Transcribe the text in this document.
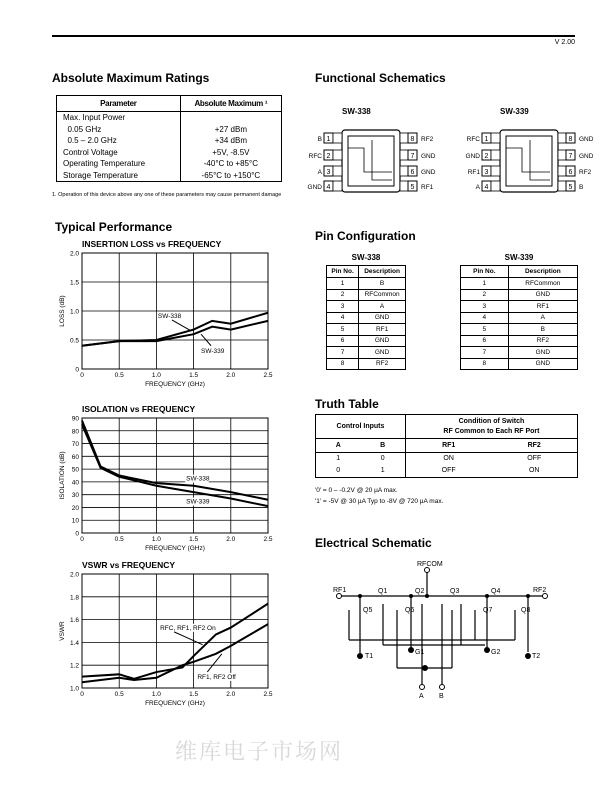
V 2.00
维库电子市场网
Absolute Maximum Ratings
Parameter	Absolute Maximum ¹
Max. Input Power	
0.05 GHz	+27 dBm
0.5 – 2.0 GHz	+34 dBm
Control Voltage	+5V, -8.5V
Operating Temperature	-40°C to +85°C
Storage Temperature	-65°C to +150°C
1. Operation of this device above any one of these parameters may cause permanent damage
Typical Performance
INSERTION LOSS vs FREQUENCY
0
0.5
1.0
1.5
2.0
0	0.5	1.0	1.5	2.0	2.5
FREQUENCY (GHz)
LOSS (dB)	SW-338
SW-339
ISOLATION vs FREQUENCY
0
10
20
30
40
50
60
70
80
90
0	0.5	1.0	1.5	2.0	2.5
FREQUENCY (GHz)
ISOLATION (dB)	SW-338
SW-339
VSWR vs FREQUENCY
1.0
1.2
1.4
1.6
1.8
2.0
0	0.5	1.0	1.5	2.0	2.5
FREQUENCY (GHz)
VSWR	RFC, RF1, RF2 On
RF1, RF2 Off
Functional Schematics
SW-338
1
B
2
RFC
3
A
4
GND
8 RF2
7 GND
6 GND
5 RF1
SW-339
1
RFC
2
GND
3
RF1
4
A
8 GND
7 GND
6 RF2
5 B
Pin Configuration
SW-338
Pin No.	Description
1	B
2	RFCommon
3	A
4	GND
5	RF1
6	GND
7	GND
8	RF2
SW-339
Pin No.	Description
1	RFCommon
2	GND
3	RF1
4	A
5	B
6	RF2
7	GND
8	GND
Truth Table
Control Inputs		Condition of Switch
RF Common to Each RF Port	

A	B	RF1	RF2
1	0	ON	OFF
0	1	OFF	ON
'0' = 0 – -0.2V @ 20 µA max.
'1' = -5V @ 30 µA Typ to -8V @ 720 µA max.
Electrical Schematic
RFCOM
RF1	RF2
Q1	Q2	Q3	Q4
Q5	Q6	Q7	Q8
T1
G1	G2
T2
A B
